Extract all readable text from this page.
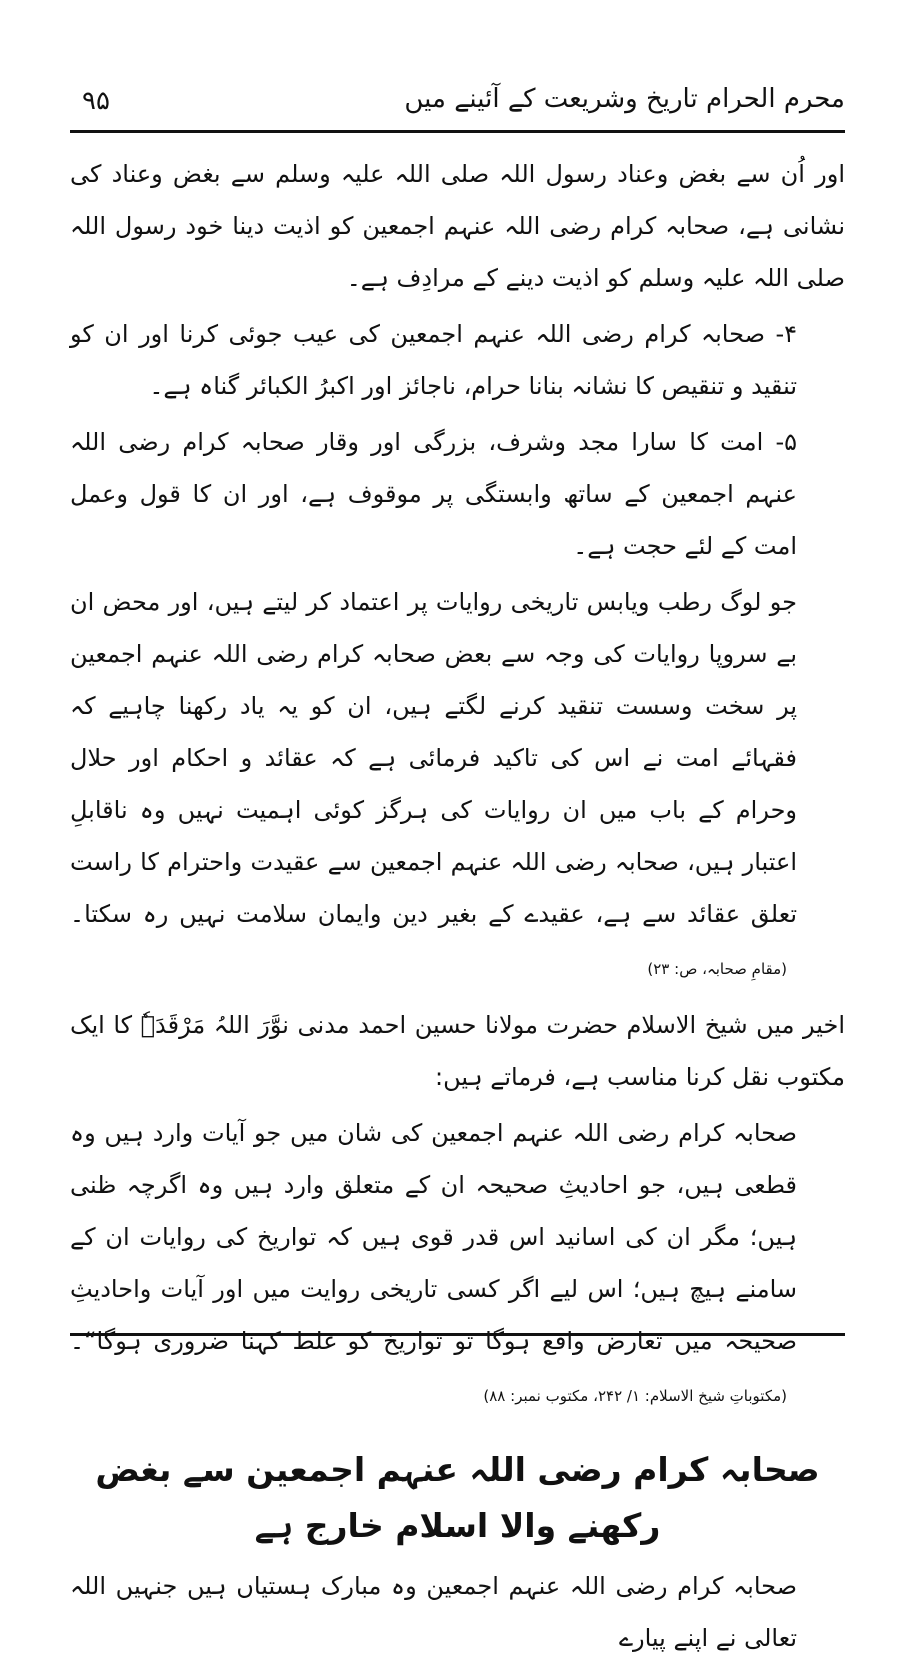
۹۵	محرم الحرام تاریخ وشریعت کے آئینے میں

اور اُن سے بغض وعناد رسول اللہ صلی اللہ علیہ وسلم سے بغض وعناد کی نشانی ہے، صحابہ کرام رضی اللہ عنہم اجمعین کو اذیت دینا خود رسول اللہ صلی اللہ علیہ وسلم کو اذیت دینے کے مرادِف ہے۔

۴- صحابہ کرام رضی اللہ عنہم اجمعین کی عیب جوئی کرنا اور ان کو تنقید و تنقیص کا نشانہ بنانا حرام، ناجائز اور اکبرُ الکبائر گناہ ہے۔

۵- امت کا سارا مجد وشرف، بزرگی اور وقار صحابہ کرام رضی اللہ عنہم اجمعین کے ساتھ وابستگی پر موقوف ہے، اور ان کا قول وعمل امت کے لئے حجت ہے۔

جو لوگ رطب ویابس تاریخی روایات پر اعتماد کر لیتے ہیں، اور محض ان بے سروپا روایات کی وجہ سے بعض صحابہ کرام رضی اللہ عنہم اجمعین پر سخت وسست تنقید کرنے لگتے ہیں، ان کو یہ یاد رکھنا چاہیے کہ فقہائے امت نے اس کی تاکید فرمائی ہے کہ عقائد و احکام اور حلال وحرام کے باب میں ان روایات کی ہرگز کوئی اہمیت نہیں وہ ناقابلِ اعتبار ہیں، صحابہ رضی اللہ عنہم اجمعین سے عقیدت واحترام کا راست تعلق عقائد سے ہے، عقیدے کے بغیر دین وایمان سلامت نہیں رہ سکتا۔(مقامِ صحابہ، ص: ۲۳)

اخیر میں شیخ الاسلام حضرت مولانا حسین احمد مدنی نوَّرَ اللہُ مَرْقَدَہٗ کا ایک مکتوب نقل کرنا مناسب ہے، فرماتے ہیں:

صحابہ کرام رضی اللہ عنہم اجمعین کی شان میں جو آیات وارد ہیں وہ قطعی ہیں، جو احادیثِ صحیحہ ان کے متعلق وارد ہیں وہ اگرچہ ظنی ہیں؛ مگر ان کی اسانید اس قدر قوی ہیں کہ تواریخ کی روایات ان کے سامنے ہیچ ہیں؛ اس لیے اگر کسی تاریخی روایت میں اور آیات واحادیثِ صحیحہ میں تعارض واقع ہوگا تو تواریخ کو غلط کہنا ضروری ہوگا“۔(مکتوباتِ شیخ الاسلام: ۱/ ۲۴۲، مکتوب نمبر: ۸۸)

صحابہ کرام رضی اللہ عنہم اجمعین سے بغض رکھنے والا اسلام خارج ہے

صحابہ کرام رضی اللہ عنہم اجمعین وہ مبارک ہستیاں ہیں جنہیں اللہ تعالی نے اپنے پیارے
